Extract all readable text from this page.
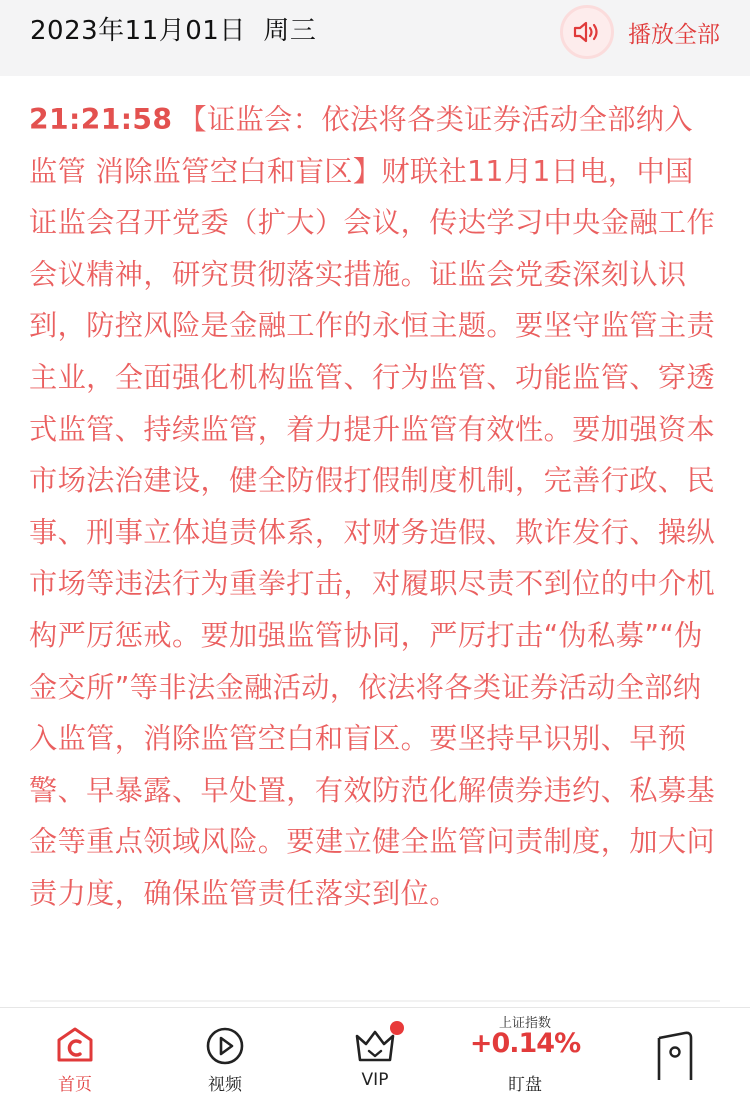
2023年11月01日 周三	播放全部
21:21:58 【证监会：依法将各类证券活动全部纳入监管 消除监管空白和盲区】财联社11月1日电，中国证监会召开党委（扩大）会议，传达学习中央金融工作会议精神，研究贯彻落实措施。证监会党委深刻认识到，防控风险是金融工作的永恒主题。要坚守监管主责主业，全面强化机构监管、行为监管、功能监管、穿透式监管、持续监管，着力提升监管有效性。要加强资本市场法治建设，健全防假打假制度机制，完善行政、民事、刑事立体追责体系，对财务造假、欺诈发行、操纵市场等违法行为重拳打击，对履职尽责不到位的中介机构严厉惩戒。要加强监管协同，严厉打击“伪私募”“伪金交所”等非法金融活动，依法将各类证券活动全部纳入监管，消除监管空白和盲区。要坚持早识别、早预警、早暴露、早处置，有效防范化解债券违约、私募基金等重点领域风险。要建立健全监管问责制度，加大问责力度，确保监管责任落实到位。
首页	视频	VIP
上证指数
+0.14%
盯盘
